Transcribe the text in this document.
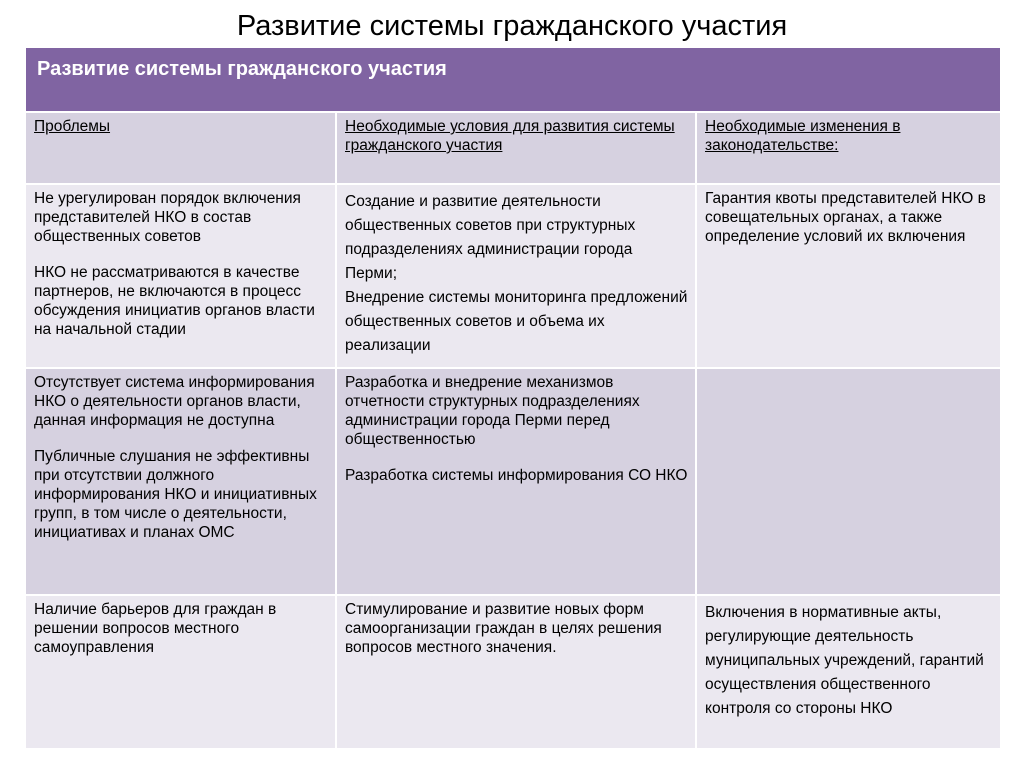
Развитие системы гражданского участия
Развитие системы гражданского участия

Проблемы	Необходимые условия для развития системы гражданского участия

Необходимые изменения в законодательстве:

Не урегулирован порядок включения представителей НКО в состав общественных советов

НКО не рассматриваются в качестве партнеров, не включаются в процесс обсуждения инициатив органов власти на начальной стадии

Создание и развитие деятельности общественных советов при структурных подразделениях администрации города Перми;

Внедрение системы мониторинга предложений общественных советов и объема их реализации

Гарантия квоты представителей НКО в совещательных органах, а также определение условий их включения

Отсутствует система информирования НКО о деятельности органов власти, данная информация не доступна

Публичные слушания не эффективны при отсутствии должного информирования НКО и инициативных групп, в том числе о деятельности, инициативах и планах ОМС

Разработка и внедрение механизмов отчетности структурных подразделениях администрации города Перми перед общественностью

Разработка системы информирования СО НКО

Наличие барьеров для граждан в решении вопросов местного самоуправления

Стимулирование и развитие новых форм самоорганизации граждан в целях решения вопросов местного значения.

Включения в нормативные акты, регулирующие деятельность муниципальных учреждений, гарантий осуществления общественного контроля со стороны НКО
